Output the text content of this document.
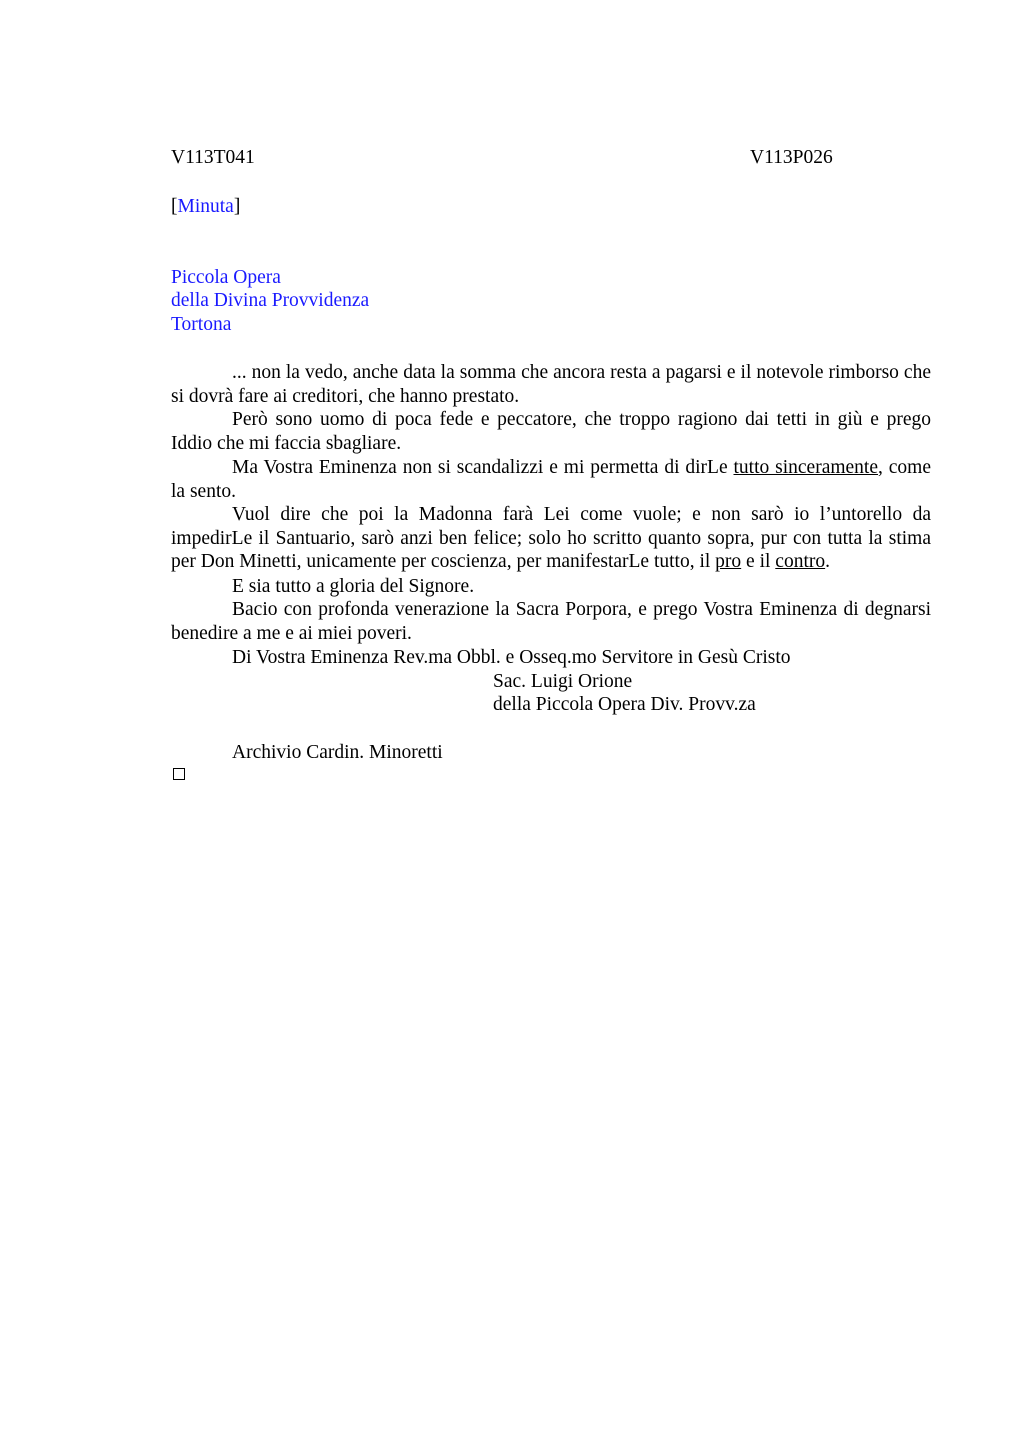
V113T041	V113P026
[Minuta]
Piccola Opera
della Divina Provvidenza
Tortona
... non la vedo, anche data la somma che ancora resta a pagarsi e il notevole rimborso che si dovrà fare ai creditori, che hanno prestato.
Però sono uomo di poca fede e peccatore, che troppo ragiono dai tetti in giù e prego Iddio che mi faccia sbagliare.
Ma Vostra Eminenza non si scandalizzi e mi permetta di dirLe tutto sinceramente, come la sento.
Vuol dire che poi la Madonna farà Lei come vuole; e non sarò io l’untorello da impedirLe il Santuario, sarò anzi ben felice; solo ho scritto quanto sopra, pur con tutta la stima per Don Minetti, unicamente per coscienza, per manifestarLe tutto, il pro e il contro.
E sia tutto a gloria del Signore.
Bacio con profonda venerazione la Sacra Porpora, e prego Vostra Eminenza di degnarsi benedire a me e ai miei poveri.
Di Vostra Eminenza Rev.ma Obbl. e Osseq.mo Servitore in Gesù Cristo
Sac. Luigi Orione
della Piccola Opera Div. Provv.za
Archivio Cardin. Minoretti
